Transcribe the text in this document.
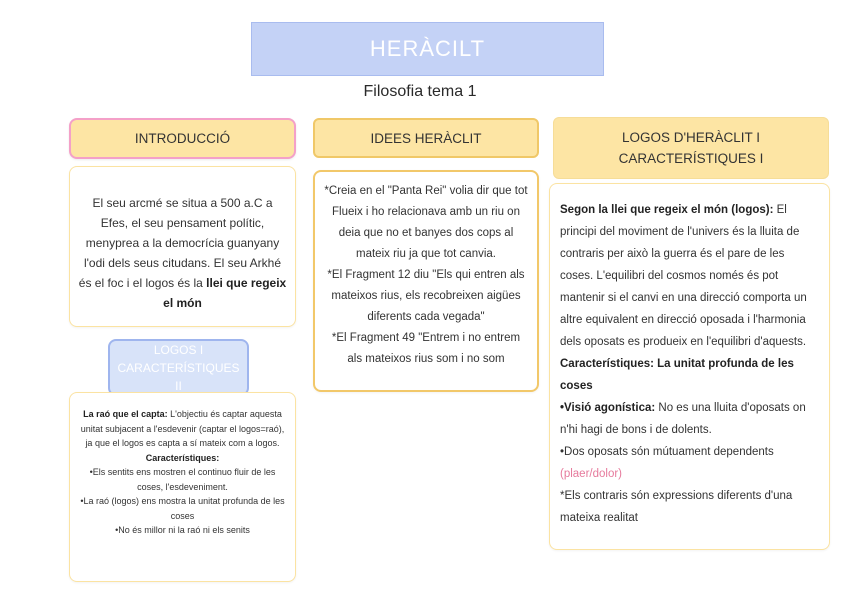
HERÀCILT
Filosofia tema 1
INTRODUCCIÓ	IDEES HERÀCLIT	LOGOS D'HERÀCLIT I CARACTERÍSTIQUES I
El seu arcmé se situa a 500 a.C a Efes, el seu pensament polític, menyprea a la democrícia guanyany l'odi dels seus citudans. El seu Arkhé és el foc i el logos és la llei que regeix el món
LOGOS I CARACTERÍSTIQUES II

La raó que el capta: L'objectiu és captar aquesta unitat subjacent a l'esdevenir (captar el logos=raó), ja que el logos es capta a sí mateix com a logos.

Característiques:

•Els sentits ens mostren el continuo fluir de les coses, l'esdeveniment.

•La raó (logos) ens mostra la unitat profunda de les coses

•No és millor ni la raó ni els senits

*Creia en el "Panta Rei" volia dir que tot Flueix i ho relacionava amb un riu on deia que no et banyes dos cops al mateix riu ja que tot canvia.
*El Fragment 12 diu "Els qui entren als mateixos rius, els recobreixen aigües diferents cada vegada"
*El Fragment 49 "Entrem i no entrem als mateixos rius som i no som

Segon la llei que regeix el món (logos): El principi del moviment de l'univers és la lluita de contraris per això la guerra és el pare de les coses. L'equilibri del cosmos només és pot mantenir si el canvi en una direcció comporta un altre equivalent en direcció oposada i l'harmonia dels oposats es produeix en l'equilibri d'aquests.

Característiques: La unitat profunda de les coses

•Visió agonística: No es una lluita d'oposats on n'hi hagi de bons i de dolents.

•Dos oposats són mútuament dependents (plaer/dolor)

*Els contraris són expressions diferents d'una mateixa realitat
